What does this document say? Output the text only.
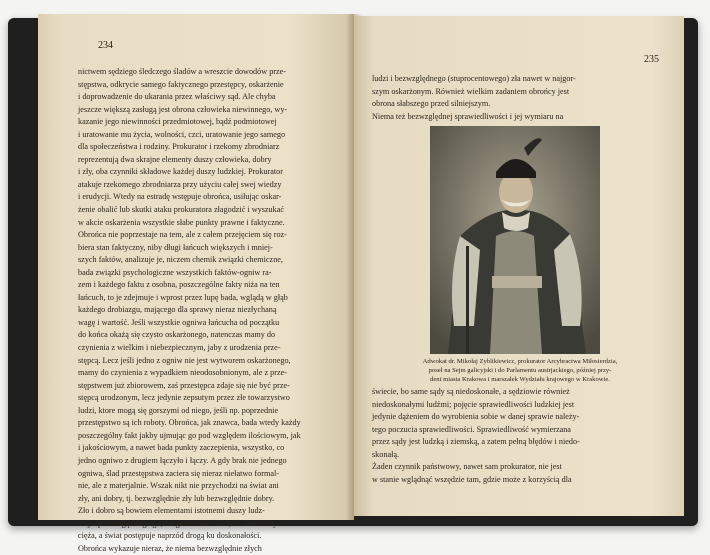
234
nictwem sędziego śledczego śladów a wreszcie dowodów prze-
stępstwa, odkrycie samego faktycznego przestępcy, oskarżenie
i doprowadzenie do ukarania przez właściwy sąd. Ale chyba
jeszcze większą zasługą jest obrona człowieka niewinnego, wy-
kazanie jego niewinności przedmiotowej, bądź podmiotowej
i uratowanie mu życia, wolności, czci, uratowanie jego samego
dla społeczeństwa i rodziny. Prokurator i rzekomy zbrodniarz
reprezentują dwa skrajne elementy duszy człowieka, dobry
i zły, oba czynniki składowe każdej duszy ludzkiej. Prokurator
atakuje rzekomego zbrodniarza przy użyciu całej swej wiedzy
i erudycji. Wtedy na estradę wstępuje obrońca, usiłując oskar-
żenie obalić lub skutki ataku prokuratora złagodzić i wyszukać
w akcie oskarżenia wszystkie słabe punkty prawne i faktyczne.
Obrońca nie poprzestaje na tem, ale z całem przejęciem się roz-
biera stan faktyczny, niby długi łańcuch większych i mniej-
szych faktów, analizuje je, niczem chemik związki chemiczne,
bada związki psychologiczne wszystkich faktów-ogniw ra-
zem i każdego faktu z osobna, poszczególne fakty niża na ten
łańcuch, to je zdejmuje i wprost przez lupę bada, wglądą w głąb
każdego drobiazgu, mającego dla sprawy nieraz niezłychaną
wagę i wartość. Jeśli wszystkie ogniwa łańcucha od początku
do końca okażą się czysto oskarżonego, natenczas mamy do
czynienia z wielkim i niebezpiecznym, jaby z urodzenia prze-
stępcą. Lecz jeśli jedno z ogniw nie jest wytworem oskarżonego,
mamy do czynienia z wypadkiem nieodosobnionym, ale z prze-
stępstwem już zbiorowem, zaś przestępca zdaje się nie być prze-
stępcą urodzonym, lecz jedynie zepsutym przez złe towarzystwo
ludzi, ktore mogą się gorszymi od niego, jeśli np. poprzednie
przestępstwo są ich roboty. Obrońca, jak znawca, bada wtedy każdy
poszczególny fakt jakby ujmując go pod względem ilościowym, jak
i jakościowym, a nawet bada punkty zaczepienia, wszystko, co
jedno ogniwo z drugiem łączyło i łączy. A gdy brak nie jednego
ogniwa, ślad przestępstwa zaciera się nieraz niełatwo formal-
nie, ale z materjalnie. Wszak nikt nie przychodzi na świat ani
zły, ani dobry, tj. bezwzględnie zły lub bezwzględnie dobry.
Zło i dobro są bowiem elementami istotnemi duszy ludz-
kiej z przewagą drugiego, czego dowodzi fakt, że dobro zwy-
cięża, a świat postępuje naprzód drogą ku doskonałości.
Obrońca wykazuje nieraz, że niema bezwzględnie złych
235
ludzi i bezwzględnego (stuprocentowego) zła nawet w najgor-
szym oskarżonym. Również wielkim zadaniem obrońcy jest
obrona słabszego przed silniejszym.
Niema też bezwzględnej sprawiedliwości i jej wymiaru na
Adwokat dr. Mikołaj Zyblikiewicz, prokurator Arcybractwa Miłosierdzia,
poseł na Sejm galicyjski i do Parlamentu austrjackiego, później przy-
dent miasta Krakowa i marszałek Wydziału krajowego w Krakowie.
świecie, bo same sądy są niedoskonałe, a sędziowie również
niedoskonałymi ludźmi; pojęcie sprawiedliwości ludzkiej jest
jedynie dążeniem do wyrobienia sobie w danej sprawie należy-
tego poczucia sprawiedliwości. Sprawiedliwość wymierzana
przez sądy jest ludzką i ziemską, a zatem pełną błędów i niedo-
skonałą.
Żaden czynnik państwowy, nawet sam prokurator, nie jest
w stanie wglądnąć wszędzie tam, gdzie może z korzyścią dla
